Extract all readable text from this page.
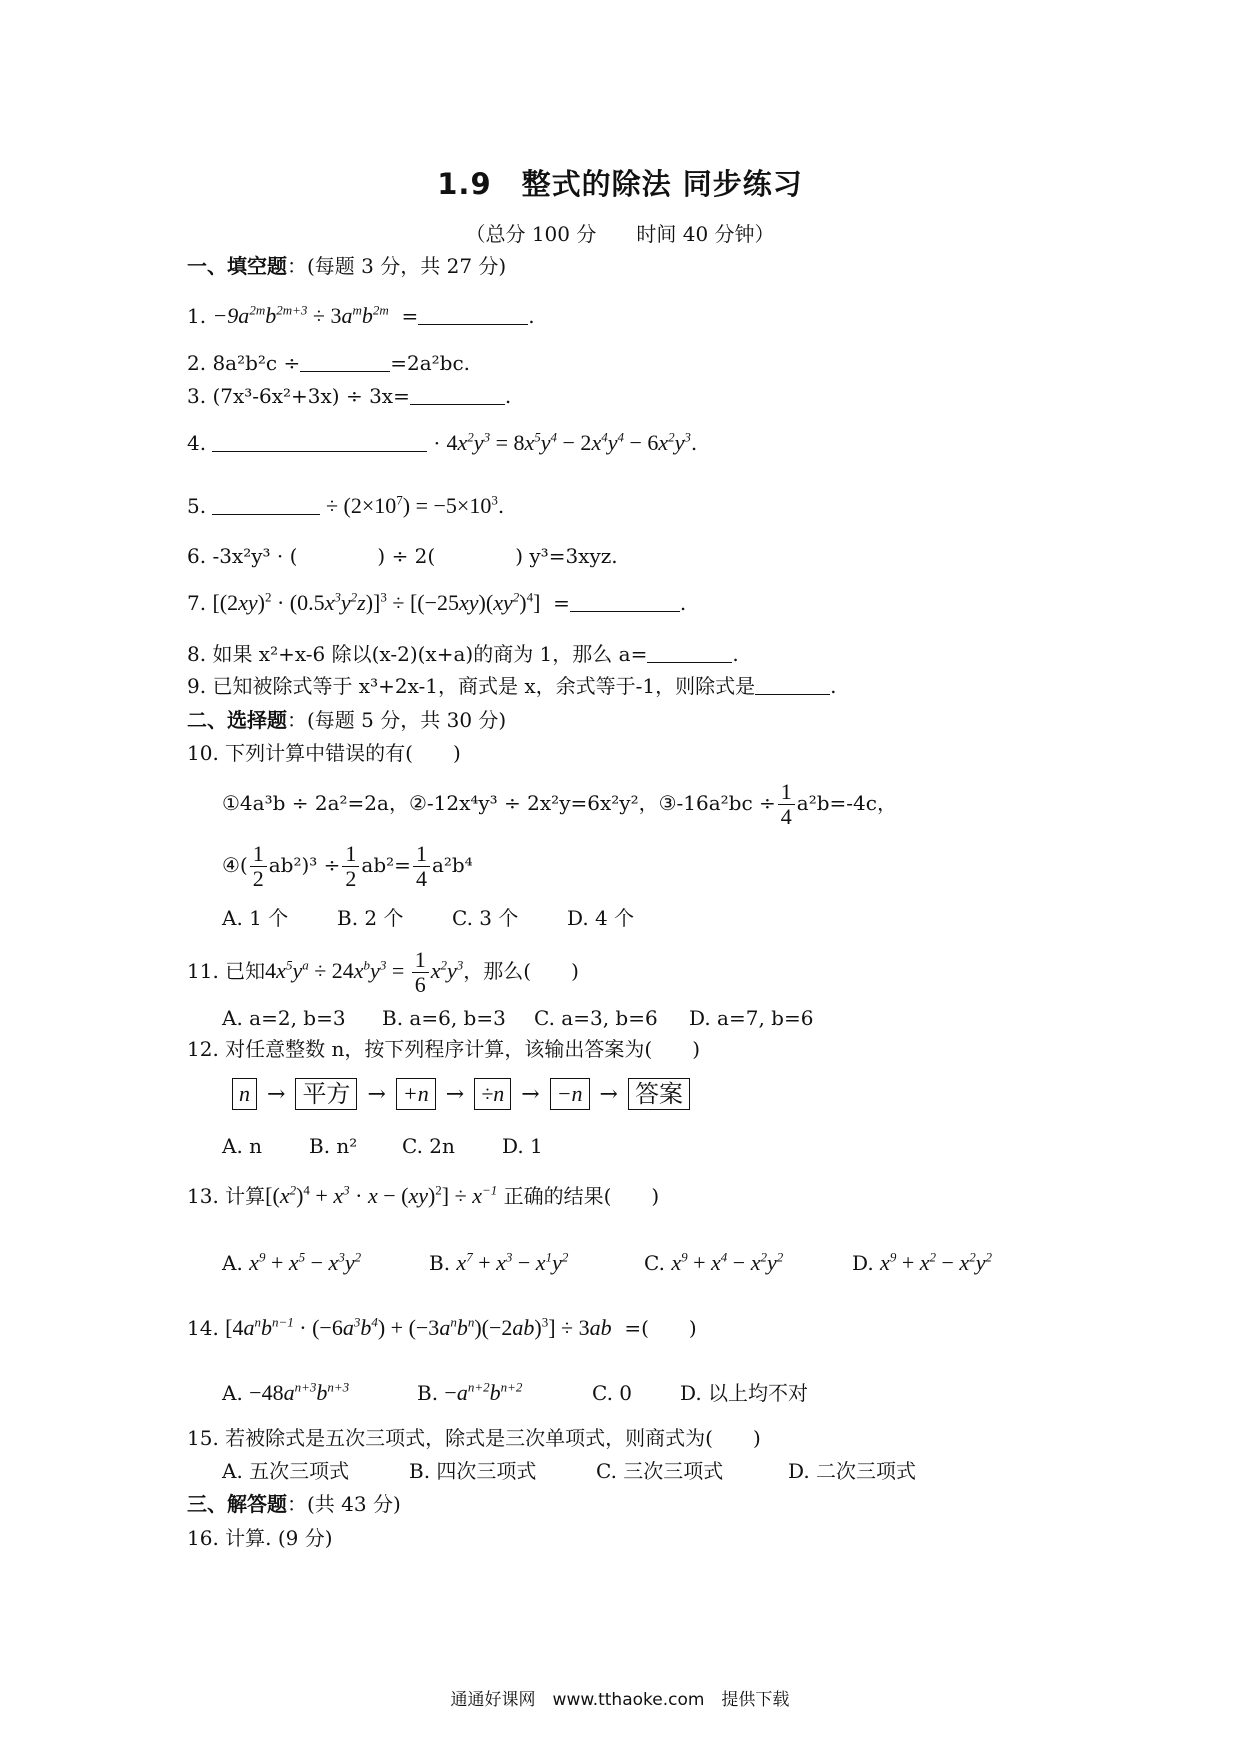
1.9　整式的除法 同步练习
（总分 100 分　　时间 40 分钟）
一、填空题：(每题 3 分，共 27 分)
1. $-9a^{2m}b^{2m+3} \div 3a^mb^{2m}$  =	.
2. 8a²b²c ÷	=2a²bc.
3. (7x³-6x²+3x) ÷ 3x=	.
4.	· $4x^2y^3 = 8x^5y^4 - 2x^4y^4 - 6x^2y^3$.
5.	÷ $(2\times 10^7) = -5\times 10^3$.
6. -3x²y³ · (　　　　) ÷ 2(　　　　) y³=3xyz.
7. $[(2xy)^2 \cdot (0.5x^3y^2z)]^3 \div [(-25xy)(xy^2)^4]$  =	.
8. 如果 x²+x-6 除以(x-2)(x+a)的商为 1，那么 a=	.
9. 已知被除式等于 x³+2x-1，商式是 x，余式等于-1，则除式是	.
二、选择题：(每题 5 分，共 30 分)
10. 下列计算中错误的有(　　)
①4a³b ÷ 2a²=2a，②-12x⁴y³ ÷ 2x²y=6x²y²，③-16a²bc ÷ $\frac{1}{4} a^2b=-4c$，
④( $\frac{1}{2} ab^2)^3 \div \frac{1}{2} ab^2= \frac{1}{4} a^2b^4$
A. 1 个 B. 2 个 C. 3 个 D. 4 个
11. 已知$4x^5y^a \div 24x^by^3 = \frac{1}{6} x^2y^3$，那么(　　)
A. a=2, b=3 B. a=6, b=3 C. a=3, b=6 D. a=7, b=6
12. 对任意整数 n，按下列程序计算，该输出答案为(　　)
n → 平方 → +n → ÷n → −n → 答案
A. n B. n² C. 2n D. 1
13. 计算$[(x^2)^4 + x^3 \cdot x - (xy)^2] \div x^{-1}$ 正确的结果(　　)
A. $x^9 + x^5 - x^3y^2$	B. $x^7 + x^3 - x^1y^2$	C. $x^9 + x^4 - x^2y^2$	D. $x^9 + x^2 - x^2y^2$
14. $[4a^nb^{n-1} \cdot (-6a^3b^4) + (-3a^nb^n)(-2ab)^3] \div 3ab$ =(　　)
A. $-48a^{n+3}b^{n+3}$	B. $-a^{n+2}b^{n+2}$	C. 0 D. 以上均不对
15. 若被除式是五次三项式，除式是三次单项式，则商式为(　　)
A. 五次三项式	B. 四次三项式	C. 三次三项式	D. 二次三项式
三、解答题：(共 43 分)
16. 计算. (9 分)
通通好课网　www.tthaoke.com　提供下载
